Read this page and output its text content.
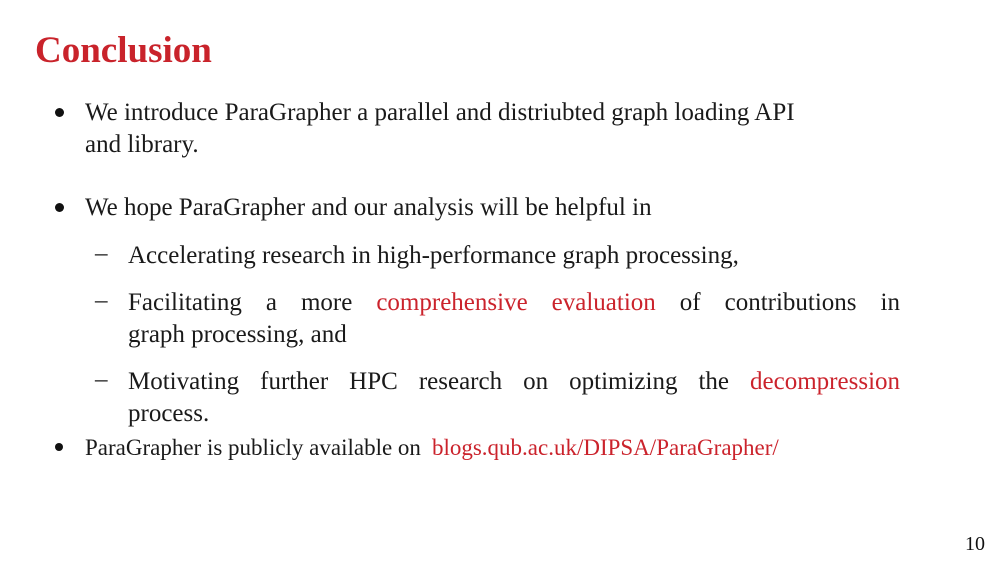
Conclusion
We introduce ParaGrapher a parallel and distriubted graph loading API
and library.
We hope ParaGrapher and our analysis will be helpful in
– Accelerating research in high-performance graph processing,
– Facilitating a more comprehensive evaluation of contributions in
graph processing, and
– Motivating further HPC research on optimizing the decompression
process.
ParaGrapher is publicly available on blogs.qub.ac.uk/DIPSA/ParaGrapher/
10
